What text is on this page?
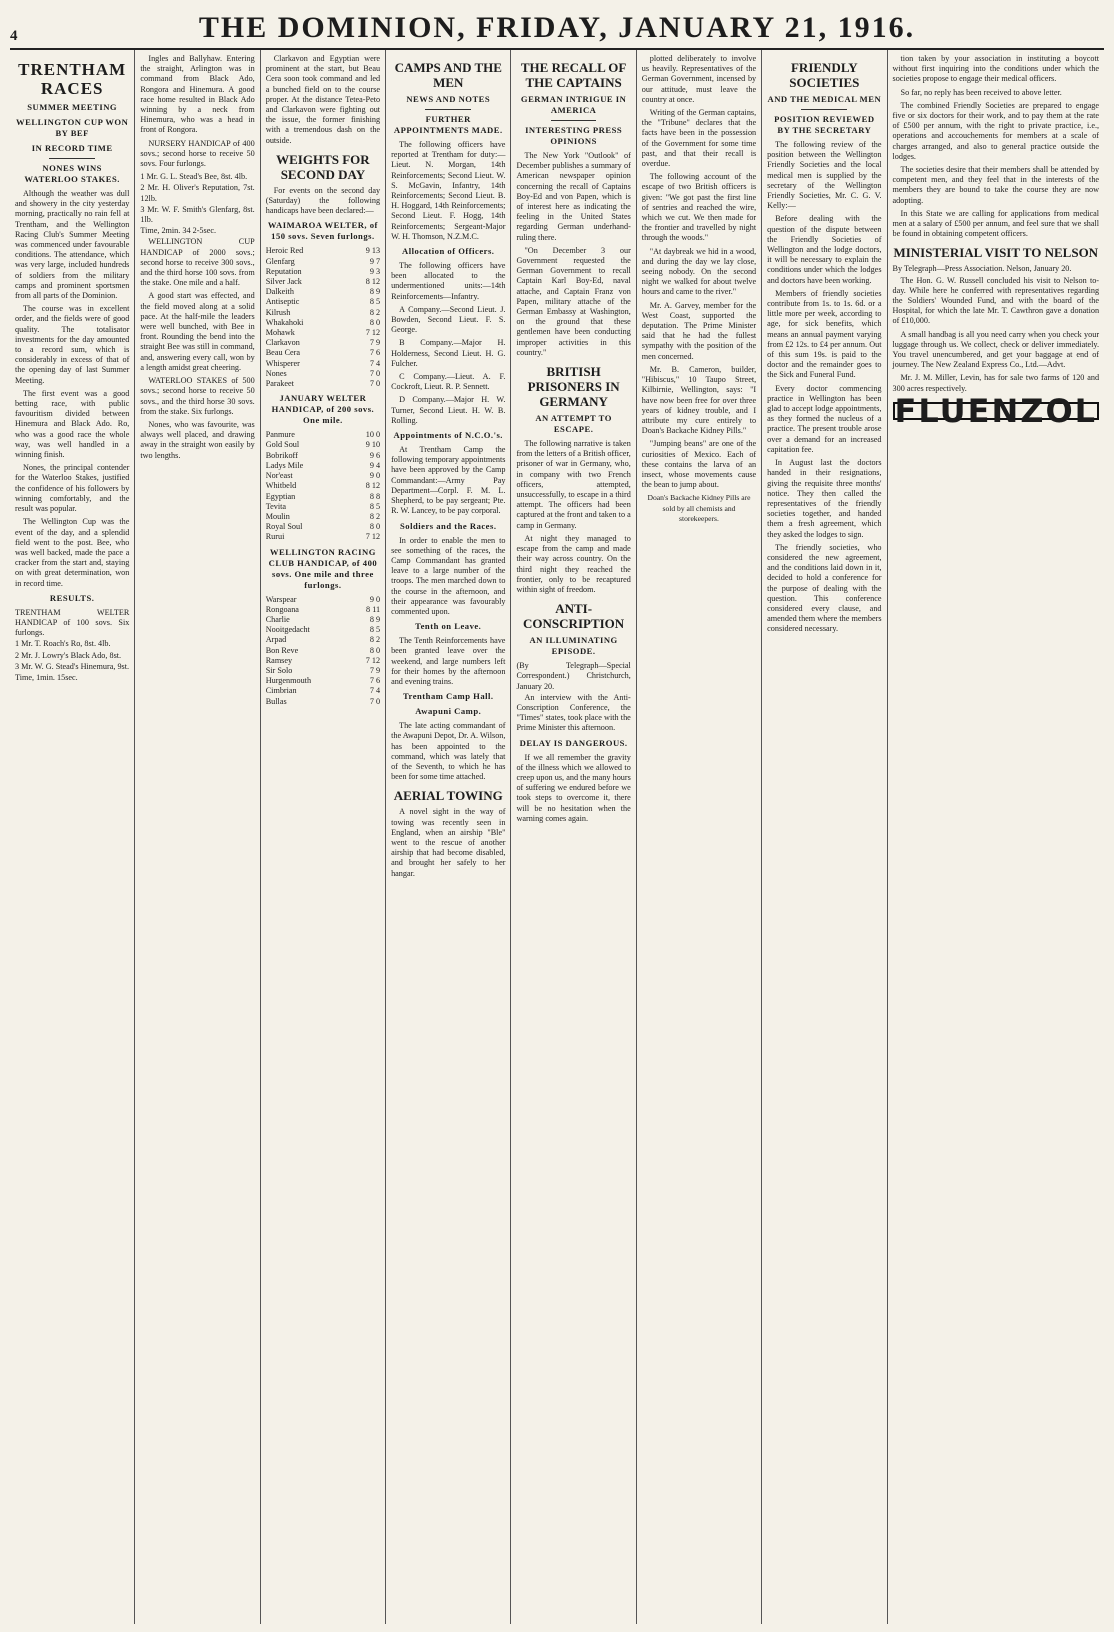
4	THE DOMINION, FRIDAY, JANUARY 21, 1916.
TRENTHAM RACES
SUMMER MEETING
WELLINGTON CUP WON BY BEF
IN RECORD TIME
NONES WINS WATERLOO STAKES.

Although the weather was dull and showery in the city yesterday morning, practically no rain fell at Trentham, and the Wellington Racing Club's Summer Meeting was commenced under favourable conditions. The attendance, which was very large, included hundreds of soldiers from the military camps and prominent sportsmen from all parts of the Dominion.

The course was in excellent order, and the fields were of good quality. The totalisator investments for the day amounted to a record sum, which is considerably in excess of that of the opening day of last Summer Meeting.

The first event was a good betting race, with public favouritism divided between Hinemura and Black Ado. Ro, who was a good race the whole way, was well handled in a winning finish.

Nones, the principal contender for the Waterloo Stakes, justified the confidence of his followers by winning comfortably, and the result was popular.

The Wellington Cup was the event of the day, and a splendid field went to the post. Bee, who was well backed, made the pace a cracker from the start and, staying on with great determination, won in record time.

RESULTS.

TRENTHAM WELTER HANDICAP of 100 sovs. Six furlongs.

1 Mr. T. Roach's Ro, 8st. 4lb.

2 Mr. J. Lowry's Black Ado, 8st.

3 Mr. W. G. Stead's Hinemura, 9st.

Time, 1min. 15sec.

Ingles and Ballyhaw. Entering the straight, Arlington was in command from Black Ado, Rongora and Hinemura. A good race home resulted in Black Ado winning by a neck from Hinemura, who was a head in front of Rongora.

NURSERY HANDICAP of 400 sovs.; second horse to receive 50 sovs. Four furlongs.

1 Mr. G. L. Stead's Bee, 8st. 4lb.

2 Mr. H. Oliver's Reputation, 7st. 12lb.

3 Mr. W. F. Smith's Glenfarg, 8st. 1lb.

Time, 2min. 34 2-5sec.

WELLINGTON CUP HANDICAP of 2000 sovs.; second horse to receive 300 sovs., and the third horse 100 sovs. from the stake. One mile and a half.

A good start was effected, and the field moved along at a solid pace. At the half-mile the leaders were well bunched, with Bee in front. Rounding the bend into the straight Bee was still in command, and, answering every call, won by a length amidst great cheering.

WATERLOO STAKES of 500 sovs.; second horse to receive 50 sovs., and the third horse 30 sovs. from the stake. Six furlongs.

Nones, who was favourite, was always well placed, and drawing away in the straight won easily by two lengths.

Clarkavon and Egyptian were prominent at the start, but Beau Cera soon took command and led a bunched field on to the course proper. At the distance Tetea-Peto and Clarkavon were fighting out the issue, the former finishing with a tremendous dash on the outside.

WEIGHTS FOR SECOND DAY

For events on the second day (Saturday) the following handicaps have been declared:—

WAIMAROA WELTER, of 150 sovs. Seven furlongs.
Heroic Red	9 13
Glenfarg	9 7
Reputation	9 3
Silver Jack	8 12
Dalkeith	8 9
Antiseptic	8 5
Kilrush	8 2
Whakahoki	8 0
Mohawk	7 12
Clarkavon	7 9
Beau Cera	7 6
Whisperer	7 4
Nones	7 0
Parakeet	7 0
JANUARY WELTER HANDICAP, of 200 sovs. One mile.
Panmure	10 0
Gold Soul	9 10
Bobrikoff	9 6
Ladys Mile	9 4
Nor'east	9 0
Whitbeld	8 12
Egyptian	8 8
Tevita	8 5
Moulin	8 2
Royal Soul	8 0
Rurui	7 12
WELLINGTON RACING CLUB HANDICAP, of 400 sovs. One mile and three furlongs.
Warspear	9 0
Rongoana	8 11
Charlie	8 9
Nooitgedacht	8 5
Arpad	8 2
Bon Reve	8 0
Ramsey	7 12
Sir Solo	7 9
Hurgenmouth	7 6
Cimbrian	7 4
Bullas	7 0
CAMPS AND THE MEN
NEWS AND NOTES
FURTHER APPOINTMENTS MADE.

The following officers have reported at Trentham for duty:—Lieut. N. Morgan, 14th Reinforcements; Second Lieut. W. S. McGavin, Infantry, 14th Reinforcements; Second Lieut. B. H. Hoggard, 14th Reinforcements; Second Lieut. F. Hogg, 14th Reinforcements; Sergeant-Major W. H. Thomson, N.Z.M.C.

Allocation of Officers.

The following officers have been allocated to the undermentioned units:—14th Reinforcements—Infantry.

A Company.—Second Lieut. J. Bowden, Second Lieut. F. S. George.

B Company.—Major H. Holderness, Second Lieut. H. G. Fulcher.

C Company.—Lieut. A. F. Cockroft, Lieut. R. P. Sennett.

D Company.—Major H. W. Turner, Second Lieut. H. W. B. Rolling.

Appointments of N.C.O.'s.

At Trentham Camp the following temporary appointments have been approved by the Camp Commandant:—Army Pay Department—Corpl. F. M. L. Shepherd, to be pay sergeant; Pte. R. W. Lancey, to be pay corporal.

Soldiers and the Races.

In order to enable the men to see something of the races, the Camp Commandant has granted leave to a large number of the troops. The men marched down to the course in the afternoon, and their appearance was favourably commented upon.

Tenth on Leave.

The Tenth Reinforcements have been granted leave over the weekend, and large numbers left for their homes by the afternoon and evening trains.

Trentham Camp Hall.
Awapuni Camp.

The late acting commandant of the Awapuni Depot, Dr. A. Wilson, has been appointed to the command, which was lately that of the Seventh, to which he has been for some time attached.

AERIAL TOWING

A novel sight in the way of towing was recently seen in England, when an airship "Ble" went to the rescue of another airship that had become disabled, and brought her safely to her hangar.

THE RECALL OF THE CAPTAINS
GERMAN INTRIGUE IN AMERICA
INTERESTING PRESS OPINIONS

The New York "Outlook" of December publishes a summary of American newspaper opinion concerning the recall of Captains Boy-Ed and von Papen, which is of interest here as indicating the feeling in the United States regarding German underhand-ruling there.

"On December 3 our Government requested the German Government to recall Captain Karl Boy-Ed, naval attache, and Captain Franz von Papen, military attache of the German Embassy at Washington, on the ground that these gentlemen have been conducting improper activities in this country."

BRITISH PRISONERS IN GERMANY
AN ATTEMPT TO ESCAPE.

The following narrative is taken from the letters of a British officer, prisoner of war in Germany, who, in company with two French officers, attempted, unsuccessfully, to escape in a third attempt. The officers had been captured at the front and taken to a camp in Germany.

At night they managed to escape from the camp and made their way across country. On the third night they reached the frontier, only to be recaptured within sight of freedom.

ANTI-CONSCRIPTION
AN ILLUMINATING EPISODE.

(By Telegraph—Special Correspondent.) Christchurch, January 20.

An interview with the Anti-Conscription Conference, the "Times" states, took place with the Prime Minister this afternoon.

DELAY IS DANGEROUS.

If we all remember the gravity of the illness which we allowed to creep upon us, and the many hours of suffering we endured before we took steps to overcome it, there will be no hesitation when the warning comes again.

plotted deliberately to involve us heavily. Representatives of the German Government, incensed by our attitude, must leave the country at once.

Writing of the German captains, the "Tribune" declares that the facts have been in the possession of the Government for some time past, and that their recall is overdue.

The following account of the escape of two British officers is given: "We got past the first line of sentries and reached the wire, which we cut. We then made for the frontier and travelled by night through the woods."

"At daybreak we hid in a wood, and during the day we lay close, seeing nobody. On the second night we walked for about twelve hours and came to the river."

Mr. A. Garvey, member for the West Coast, supported the deputation. The Prime Minister said that he had the fullest sympathy with the position of the men concerned.

Mr. B. Cameron, builder, "Hibiscus," 10 Taupo Street, Kilbirnie, Wellington, says: "I have now been free for over three years of kidney trouble, and I attribute my cure entirely to Doan's Backache Kidney Pills."

"Jumping beans" are one of the curiosities of Mexico. Each of these contains the larva of an insect, whose movements cause the bean to jump about.

Doan's Backache Kidney Pills are sold by all chemists and storekeepers.

FRIENDLY SOCIETIES
AND THE MEDICAL MEN
POSITION REVIEWED BY THE SECRETARY

The following review of the position between the Wellington Friendly Societies and the local medical men is supplied by the secretary of the Wellington Friendly Societies, Mr. C. G. V. Kelly:—

Before dealing with the question of the dispute between the Friendly Societies of Wellington and the lodge doctors, it will be necessary to explain the conditions under which the lodges and doctors have been working.

Members of friendly societies contribute from 1s. to 1s. 6d. or a little more per week, according to age, for sick benefits, which means an annual payment varying from £2 12s. to £4 per annum. Out of this sum 19s. is paid to the doctor and the remainder goes to the Sick and Funeral Fund.

Every doctor commencing practice in Wellington has been glad to accept lodge appointments, as they formed the nucleus of a practice. The present trouble arose over a demand for an increased capitation fee.

In August last the doctors handed in their resignations, giving the requisite three months' notice. They then called the representatives of the friendly societies together, and handed them a fresh agreement, which they asked the lodges to sign.

The friendly societies, who considered the new agreement, and the conditions laid down in it, decided to hold a conference for the purpose of dealing with the question. This conference considered every clause, and amended them where the members considered necessary.

tion taken by your association in instituting a boycott without first inquiring into the conditions under which the societies propose to engage their medical officers.

So far, no reply has been received to above letter.

The combined Friendly Societies are prepared to engage five or six doctors for their work, and to pay them at the rate of £500 per annum, with the right to private practice, i.e., operations and accouchements for members at a scale of charges arranged, and also to general practice outside the lodges.

The societies desire that their members shall be attended by competent men, and they feel that in the interests of the members they are bound to take the course they are now adopting.

In this State we are calling for applications from medical men at a salary of £500 per annum, and feel sure that we shall be found in obtaining competent officers.

MINISTERIAL VISIT TO NELSON

By Telegraph—Press Association. Nelson, January 20.

The Hon. G. W. Russell concluded his visit to Nelson to-day. While here he conferred with representatives regarding the Soldiers' Wounded Fund, and with the board of the Hospital, for which the late Mr. T. Cawthron gave a donation of £10,000.

A small handbag is all you need carry when you check your luggage through us. We collect, check or deliver immediately. You travel unencumbered, and get your baggage at end of journey. The New Zealand Express Co., Ltd.—Advt.

Mr. J. M. Miller, Levin, has for sale two farms of 120 and 300 acres respectively.

FLUENZOL
